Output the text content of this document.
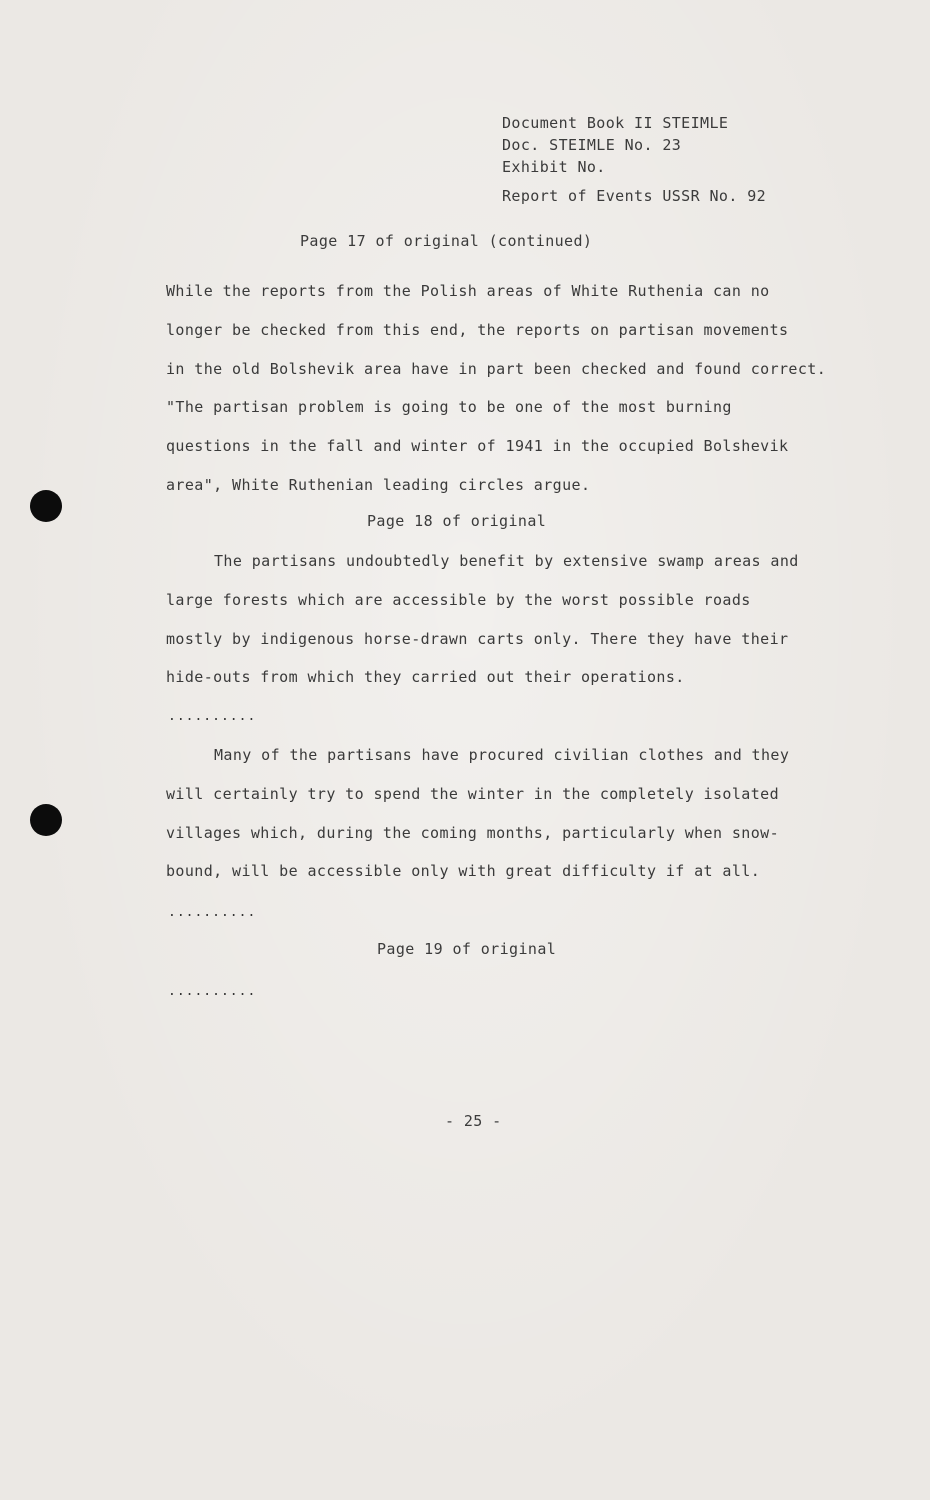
Document Book II STEIMLE
Doc. STEIMLE No. 23
Exhibit No.
Report of Events USSR No. 92
Page 17 of original (continued)
While the reports from the Polish areas of White Ruthenia can no
longer be checked from this end, the reports on partisan movements
in the old Bolshevik area have in part been checked and found correct.
"The partisan problem is going to be one of the most burning
questions in the fall and winter of 1941 in the occupied Bolshevik
area", White Ruthenian leading circles argue.
Page 18 of original
The partisans undoubtedly benefit by extensive swamp areas and
large forests which are accessible by the worst possible roads
mostly by indigenous horse-drawn carts only. There they have their
hide-outs from which they carried out their operations.
..........
Many of the partisans have procured civilian clothes and they
will certainly try to spend the winter in the completely isolated
villages which, during the coming months, particularly when snow-
bound, will be accessible only with great difficulty if at all.
..........
Page 19 of original
..........
- 25 -
